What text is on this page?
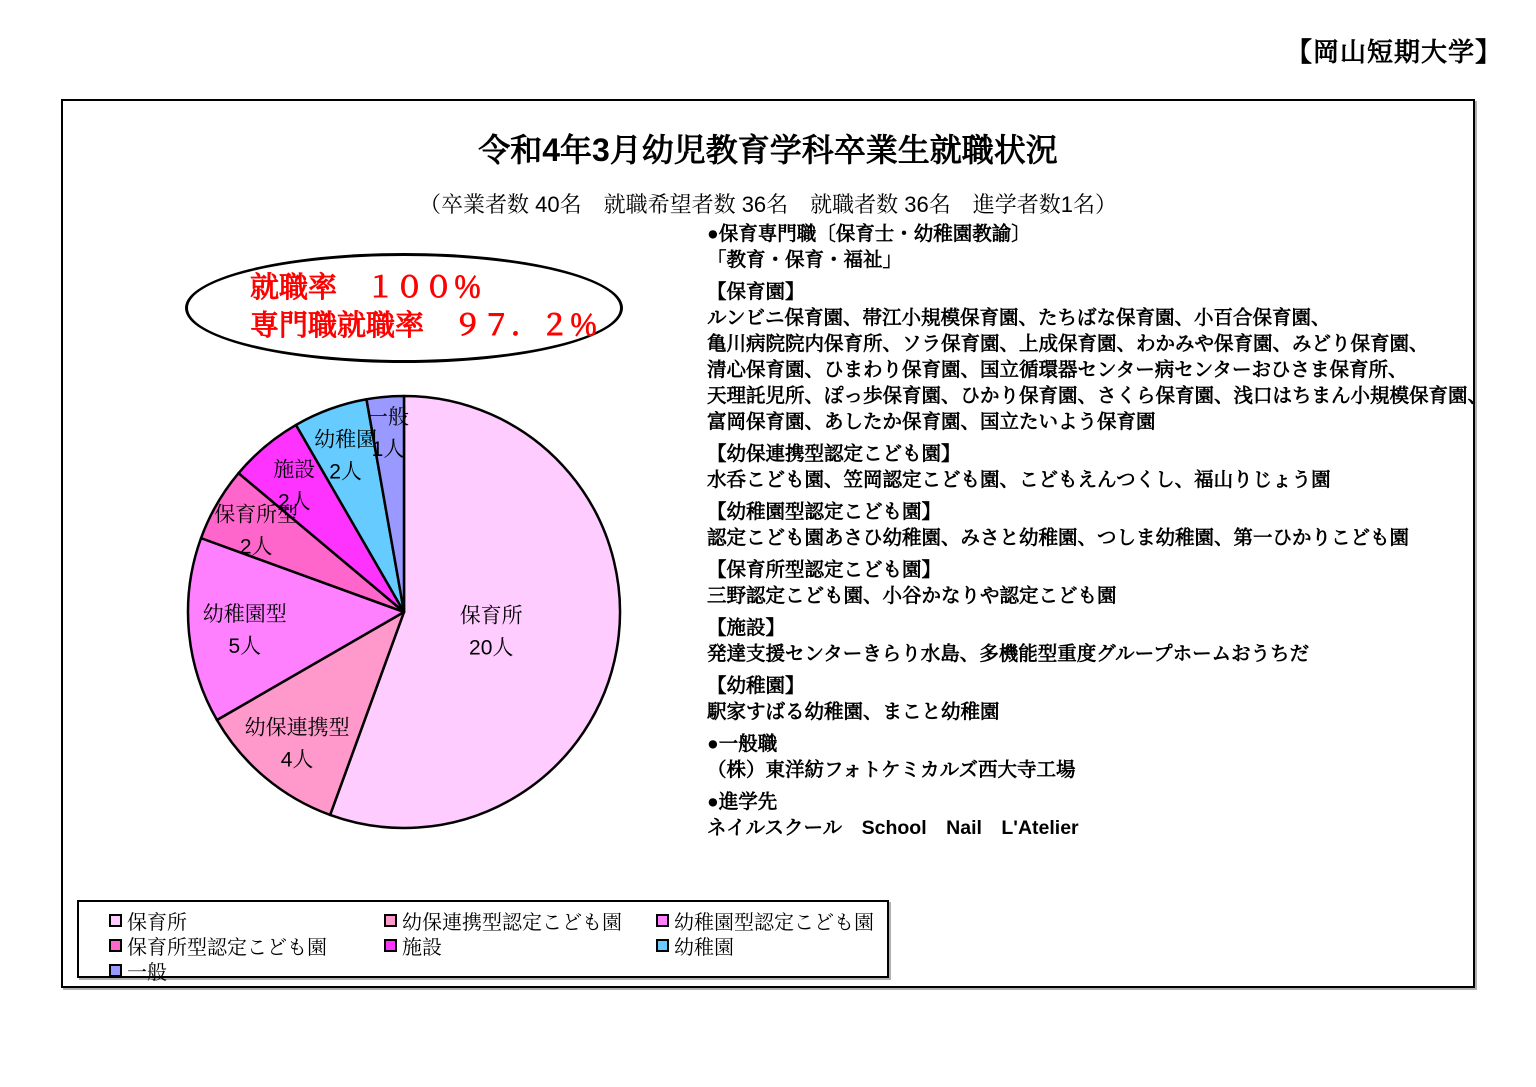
【岡山短期大学】
令和4年3月幼児教育学科卒業生就職状況
（卒業者数 40名　就職希望者数 36名　就職者数 36名　進学者数1名）
就職率　１００％
専門職就職率　９７．２％
保育所
20人
幼保連携型
4人
幼稚園型
5人
保育所型
2人
施設
2人
幼稚園
2人
一般
1人
●保育専門職〔保育士・幼稚園教諭〕
「教育・保育・福祉」
【保育園】
ルンビニ保育園、帯江小規模保育園、たちばな保育園、小百合保育園、
亀川病院院内保育所、ソラ保育園、上成保育園、わかみや保育園、みどり保育園、
清心保育園、ひまわり保育園、国立循環器センター病センターおひさま保育所、
天理託児所、ぽっ歩保育園、ひかり保育園、さくら保育園、浅口はちまん小規模保育園、
富岡保育園、あしたか保育園、国立たいよう保育園
【幼保連携型認定こども園】
水呑こども園、笠岡認定こども園、こどもえんつくし、福山りじょう園
【幼稚園型認定こども園】
認定こども園あさひ幼稚園、みさと幼稚園、つしま幼稚園、第一ひかりこども園
【保育所型認定こども園】
三野認定こども園、小谷かなりや認定こども園
【施設】
発達支援センターきらり水島、多機能型重度グループホームおうちだ
【幼稚園】
駅家すばる幼稚園、まこと幼稚園
●一般職
（株）東洋紡フォトケミカルズ西大寺工場
●進学先
ネイルスクール　School　Nail　L'Atelier
保育所	幼保連携型認定こども園	幼稚園型認定こども園
保育所型認定こども園	施設	幼稚園
一般
